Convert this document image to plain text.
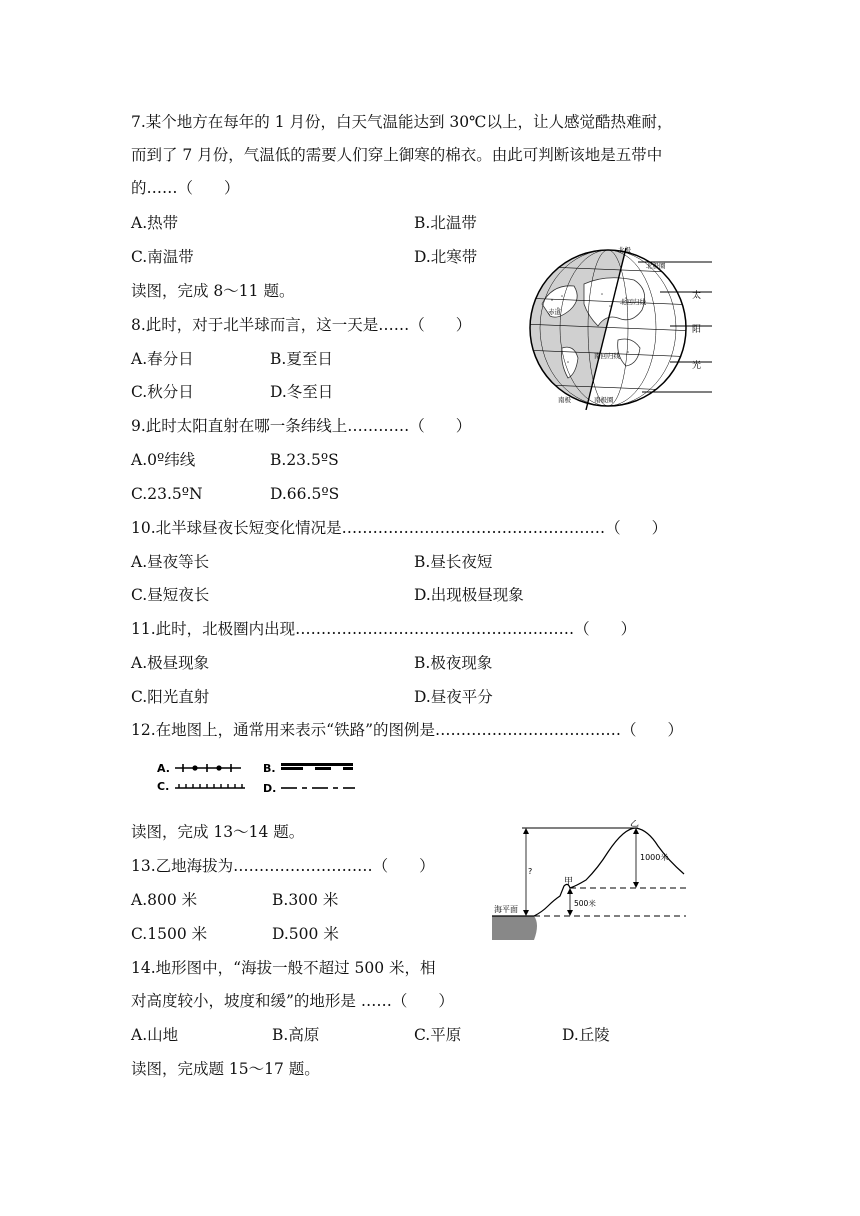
7.某个地方在每年的 1 月份，白天气温能达到 30℃以上，让人感觉酷热难耐，
而到了 7 月份，气温低的需要人们穿上御寒的棉衣。由此可判断该地是五带中
的……（　　）
A.热带	B.北温带
C.南温带	D.北寒带
读图，完成 8～11 题。
8.此时，对于北半球而言，这一天是……（　　）
A.春分日	B.夏至日
C.秋分日	D.冬至日
9.此时太阳直射在哪一条纬线上…………（　　）
A.0º纬线	B.23.5ºS
C.23.5ºN	D.66.5ºS
10.北半球昼夜长短变化情况是……………………………………………（　　）
A.昼夜等长	B.昼长夜短
C.昼短夜长	D.出现极昼现象
11.此时，北极圈内出现………………………………………………（　　）
A.极昼现象	B.极夜现象
C.阳光直射	D.昼夜平分
12.在地图上，通常用来表示“铁路”的图例是………………………………（　　）
A.	B.
C.	D.
读图，完成 13～14 题。
13.乙地海拔为………………………（　　）
A.800 米	B.300 米
C.1500 米	D.500 米
14.地形图中，“海拔一般不超过 500 米，相
对高度较小，坡度和缓”的地形是 ……（　　）
A.山地	B.高原	C.平原	D.丘陵
读图，完成题 15～17 题。
北极
北极圈
北回归线
赤道
南回归线
南极	南极圈
太
阳
光
乙
甲
海平面
1000米
500米
?
